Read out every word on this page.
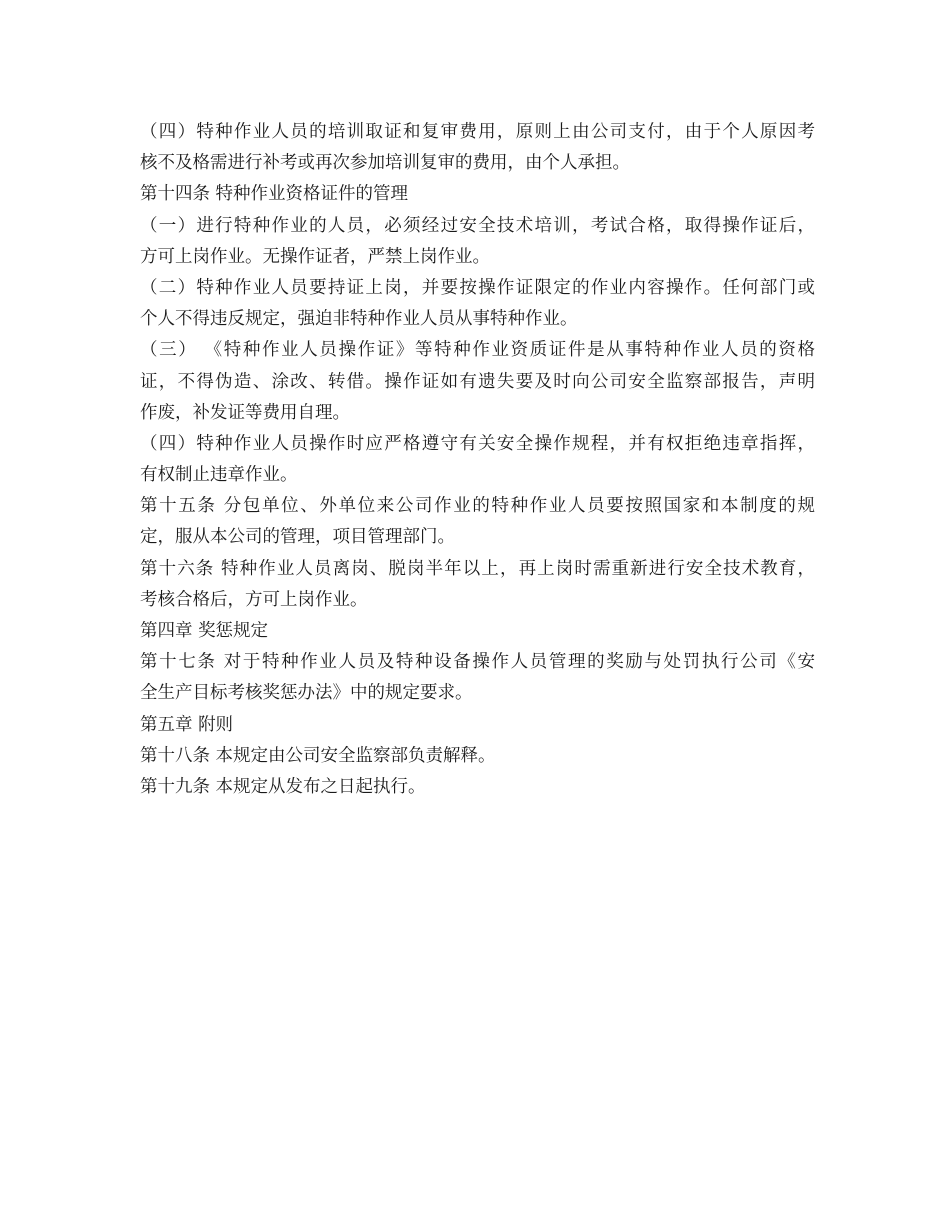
（四）特种作业人员的培训取证和复审费用，原则上由公司支付，由于个人原因考
核不及格需进行补考或再次参加培训复审的费用，由个人承担。
第十四条 特种作业资格证件的管理
（一）进行特种作业的人员，必须经过安全技术培训，考试合格，取得操作证后，
方可上岗作业。无操作证者，严禁上岗作业。
（二）特种作业人员要持证上岗，并要按操作证限定的作业内容操作。任何部门或
个人不得违反规定，强迫非特种作业人员从事特种作业。
（三） 《特种作业人员操作证》等特种作业资质证件是从事特种作业人员的资格
证，不得伪造、涂改、转借。操作证如有遗失要及时向公司安全监察部报告，声明
作废，补发证等费用自理。
（四）特种作业人员操作时应严格遵守有关安全操作规程，并有权拒绝违章指挥，
有权制止违章作业。
第十五条 分包单位、外单位来公司作业的特种作业人员要按照国家和本制度的规
定，服从本公司的管理，项目管理部门。
第十六条 特种作业人员离岗、脱岗半年以上，再上岗时需重新进行安全技术教育，
考核合格后，方可上岗作业。
第四章 奖惩规定
第十七条 对于特种作业人员及特种设备操作人员管理的奖励与处罚执行公司《安
全生产目标考核奖惩办法》中的规定要求。
第五章 附则
第十八条 本规定由公司安全监察部负责解释。
第十九条 本规定从发布之日起执行。
